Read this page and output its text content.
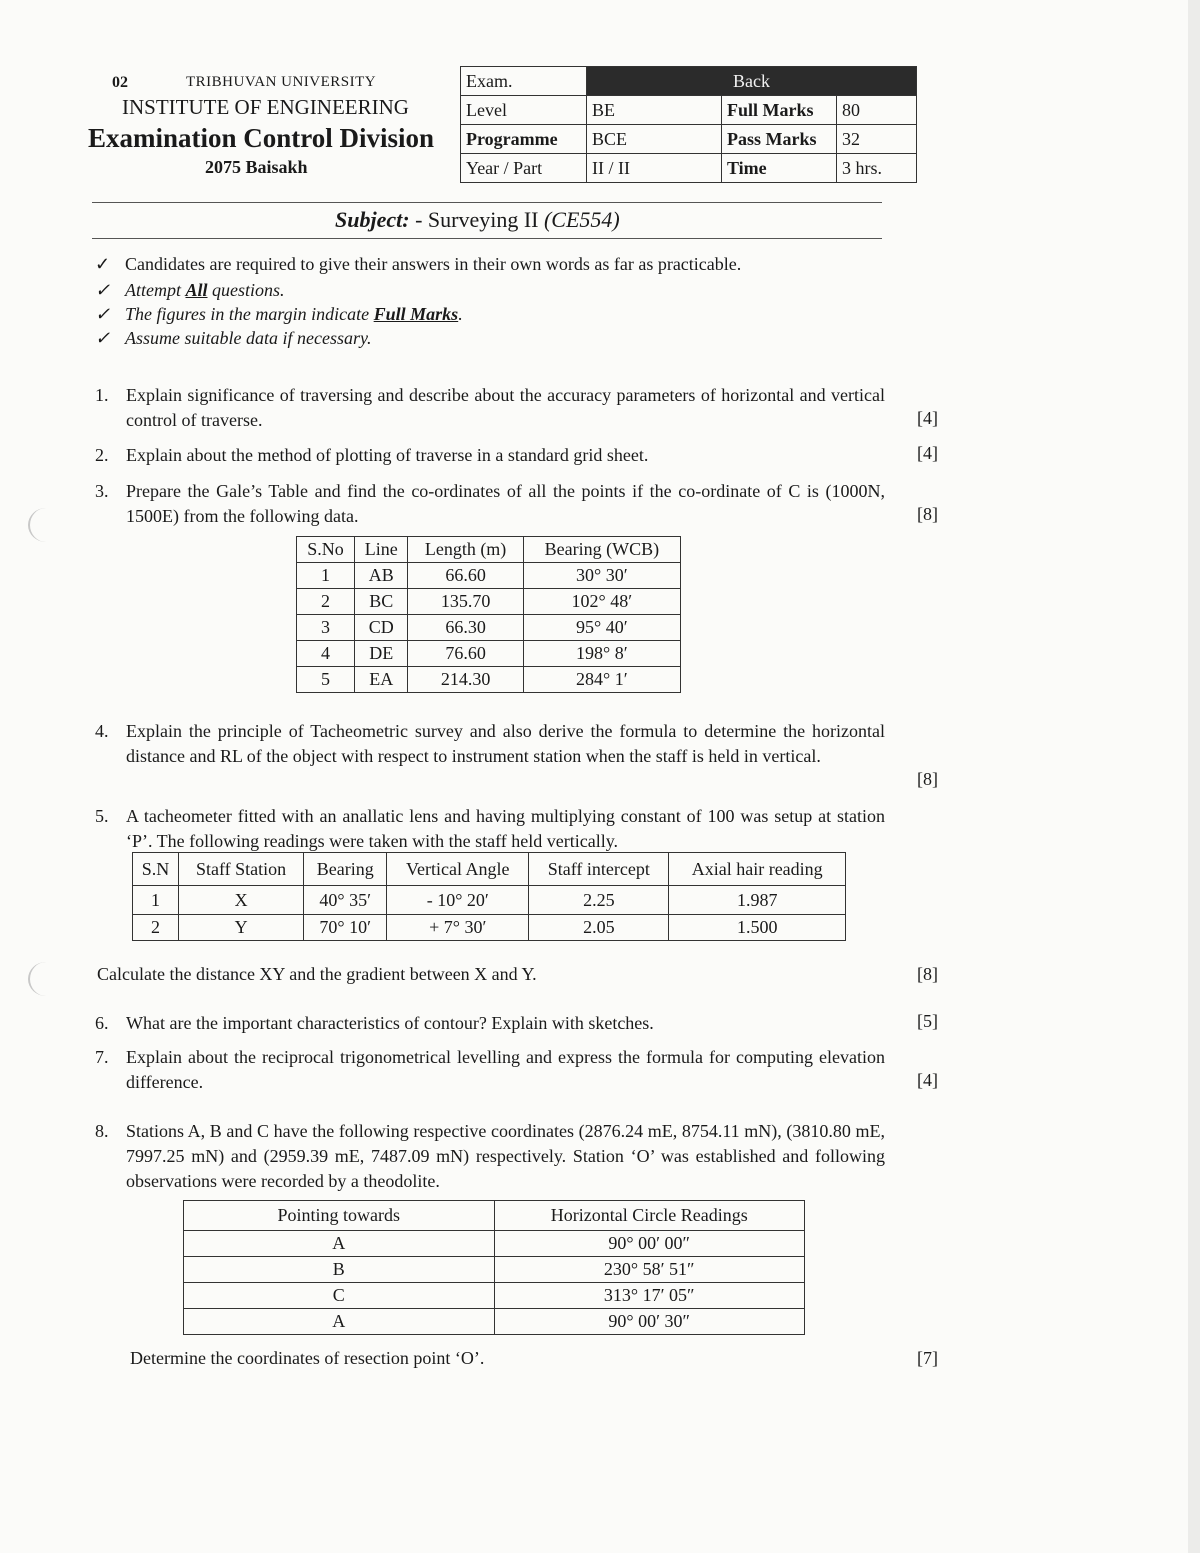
02	TRIBHUVAN UNIVERSITY
INSTITUTE OF ENGINEERING
Examination Control Division
2075 Baisakh
Exam.	Back		
Level	BE	Full Marks	80
Programme	BCE	Pass Marks	32
Year / Part	II / II	Time	3 hrs.
Subject: - Surveying II (CE554)
✓ Candidates are required to give their answers in their own words as far as practicable.
✓ Attempt All questions.
✓ The figures in the margin indicate Full Marks.
✓ Assume suitable data if necessary.
1. Explain significance of traversing and describe about the accuracy parameters of horizontal and vertical control of traverse.	[4]
2. Explain about the method of plotting of traverse in a standard grid sheet.	[4]
3. Prepare the Gale’s Table and find the co-ordinates of all the points if the co-ordinate of C is (1000N, 1500E) from the following data.	[8]
S.No	Line	Length (m)	Bearing (WCB)
1	AB	66.60	30° 30′
2	BC	135.70	102° 48′
3	CD	66.30	95° 40′
4	DE	76.60	198° 8′
5	EA	214.30	284° 1′
4. Explain the principle of Tacheometric survey and also derive the formula to determine the horizontal distance and RL of the object with respect to instrument station when the staff is held in vertical.
[8]
5. A tacheometer fitted with an anallatic lens and having multiplying constant of 100 was setup at station ‘P’. The following readings were taken with the staff held vertically.
S.N	Staff Station	Bearing	Vertical Angle	Staff intercept	Axial hair reading
1	X	40° 35′	- 10° 20′	2.25	1.987
2	Y	70° 10′	+ 7° 30′	2.05	1.500
Calculate the distance XY and the gradient between X and Y.	[8]
6. What are the important characteristics of contour? Explain with sketches.	[5]
7. Explain about the reciprocal trigonometrical levelling and express the formula for computing elevation difference.	[4]
8. Stations A, B and C have the following respective coordinates (2876.24 mE, 8754.11 mN), (3810.80 mE, 7997.25 mN) and (2959.39 mE, 7487.09 mN) respectively. Station ‘O’ was established and following observations were recorded by a theodolite.
Pointing towards	Horizontal Circle Readings
A	90° 00′ 00″
B	230° 58′ 51″
C	313° 17′ 05″
A	90° 00′ 30″
Determine the coordinates of resection point ‘O’.	[7]
